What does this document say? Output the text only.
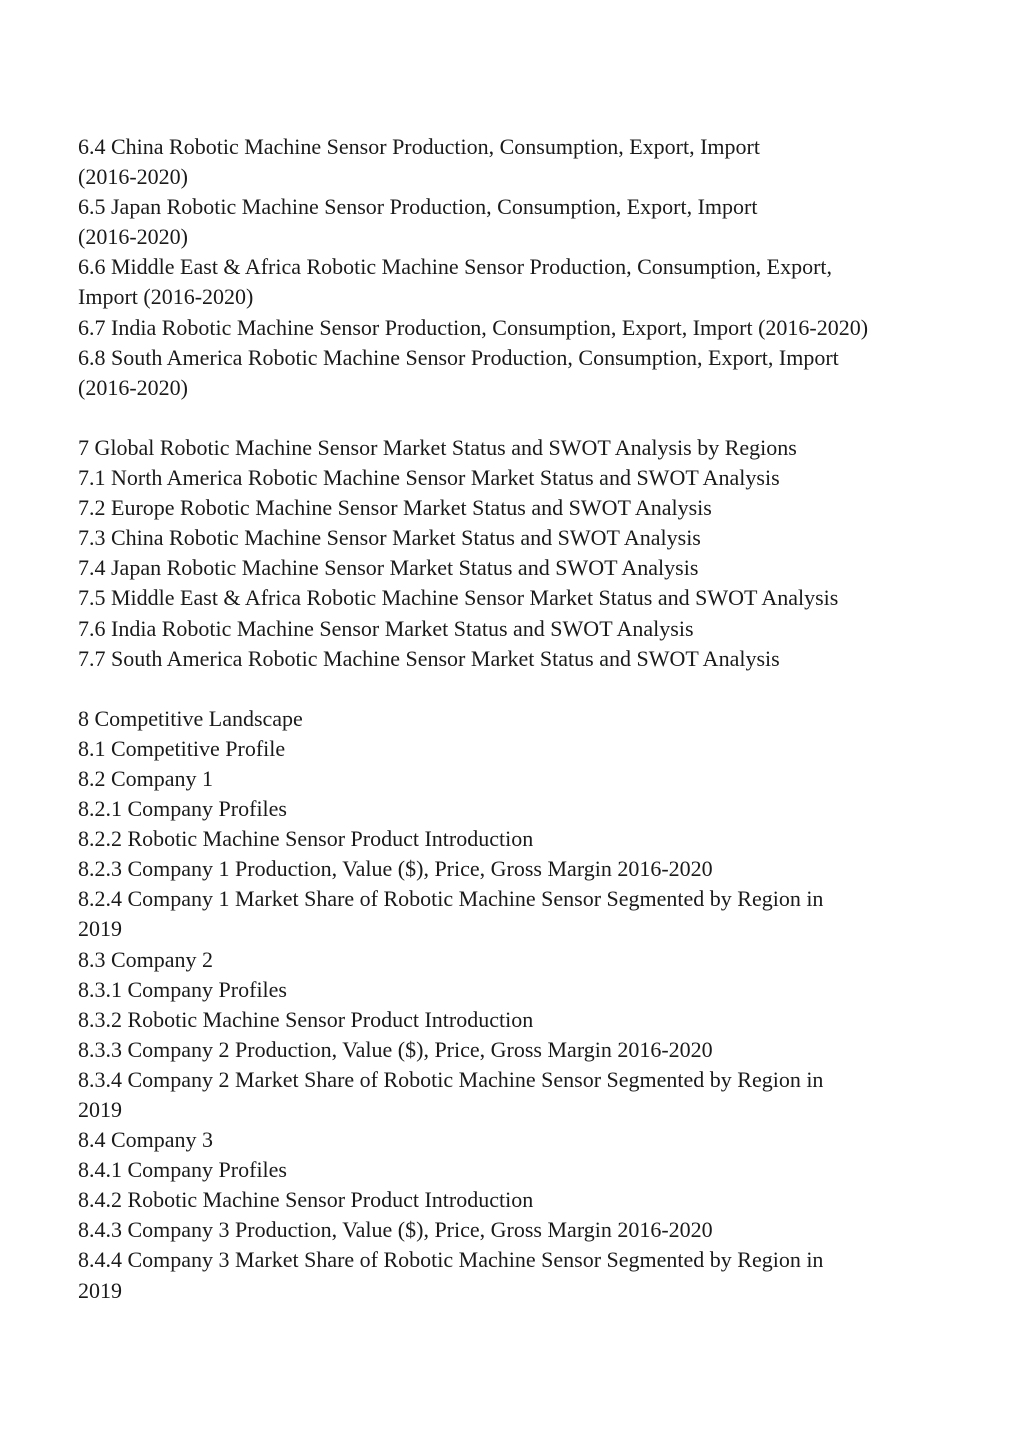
6.4 China Robotic Machine Sensor Production, Consumption, Export, Import
(2016-2020)
6.5 Japan Robotic Machine Sensor Production, Consumption, Export, Import
(2016-2020)
6.6 Middle East & Africa Robotic Machine Sensor Production, Consumption, Export,
Import (2016-2020)
6.7 India Robotic Machine Sensor Production, Consumption, Export, Import (2016-2020)
6.8 South America Robotic Machine Sensor Production, Consumption, Export, Import
(2016-2020)
7 Global Robotic Machine Sensor Market Status and SWOT Analysis by Regions
7.1 North America Robotic Machine Sensor Market Status and SWOT Analysis
7.2 Europe Robotic Machine Sensor Market Status and SWOT Analysis
7.3 China Robotic Machine Sensor Market Status and SWOT Analysis
7.4 Japan Robotic Machine Sensor Market Status and SWOT Analysis
7.5 Middle East & Africa Robotic Machine Sensor Market Status and SWOT Analysis
7.6 India Robotic Machine Sensor Market Status and SWOT Analysis
7.7 South America Robotic Machine Sensor Market Status and SWOT Analysis
8 Competitive Landscape
8.1 Competitive Profile
8.2 Company 1
8.2.1 Company Profiles
8.2.2 Robotic Machine Sensor Product Introduction
8.2.3 Company 1 Production, Value ($), Price, Gross Margin 2016-2020
8.2.4 Company 1 Market Share of Robotic Machine Sensor Segmented by Region in
2019
8.3 Company 2
8.3.1 Company Profiles
8.3.2 Robotic Machine Sensor Product Introduction
8.3.3 Company 2 Production, Value ($), Price, Gross Margin 2016-2020
8.3.4 Company 2 Market Share of Robotic Machine Sensor Segmented by Region in
2019
8.4 Company 3
8.4.1 Company Profiles
8.4.2 Robotic Machine Sensor Product Introduction
8.4.3 Company 3 Production, Value ($), Price, Gross Margin 2016-2020
8.4.4 Company 3 Market Share of Robotic Machine Sensor Segmented by Region in
2019
